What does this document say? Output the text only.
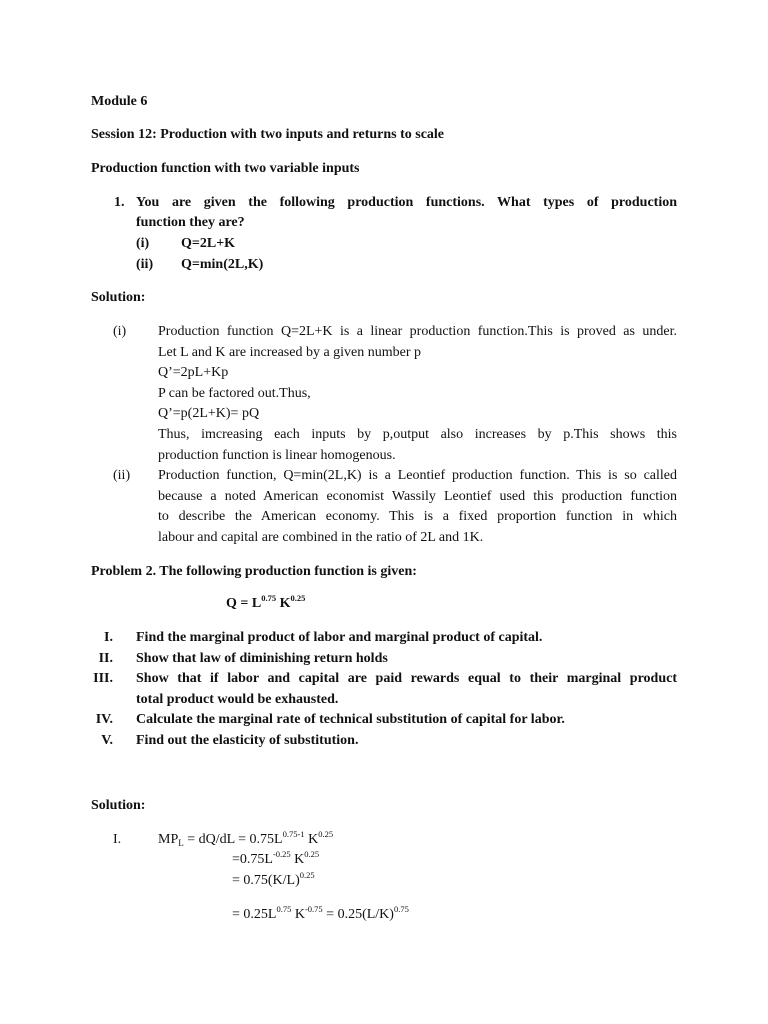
Module 6
Session 12: Production with two inputs and returns to scale
Production function with two variable inputs
1. You are given the following production functions. What types of production
function they are?
(i) Q=2L+K
(ii) Q=min(2L,K)
Solution:
(i) Production function Q=2L+K is a linear production function.This is proved as under.
Let L and K are increased by a given number p
Q’=2pL+Kp
P can be factored out.Thus,
Q’=p(2L+K)= pQ
Thus, imcreasing each inputs by p,output also increases by p.This shows this
production function is linear homogenous.
(ii) Production function, Q=min(2L,K) is a Leontief production function. This is so called
because a noted American economist Wassily Leontief used this production function
to describe the American economy. This is a fixed proportion function in which
labour and capital are combined in the ratio of 2L and 1K.
Problem 2. The following production function is given:
$Q = L^{0.75}$ $K^{0.25}$
I. Find the marginal product of labor and marginal product of capital.
II. Show that law of diminishing return holds
III. Show that if labor and capital are paid rewards equal to their marginal product
total product would be exhausted.
IV. Calculate the marginal rate of technical substitution of capital for labor.
V. Find out the elasticity of substitution.
Solution:
I.	$MP_L = dQ/dL = 0.75L^{0.75-1}$ $K^{0.25}$
$=0.75L^{-0.25}$ $K^{0.25}$
= $0.75(K/L)^{0.25}$
= $0.25L^{0.75}$ $K^{-0.75} = 0.25(L/K)^{0.75}$
